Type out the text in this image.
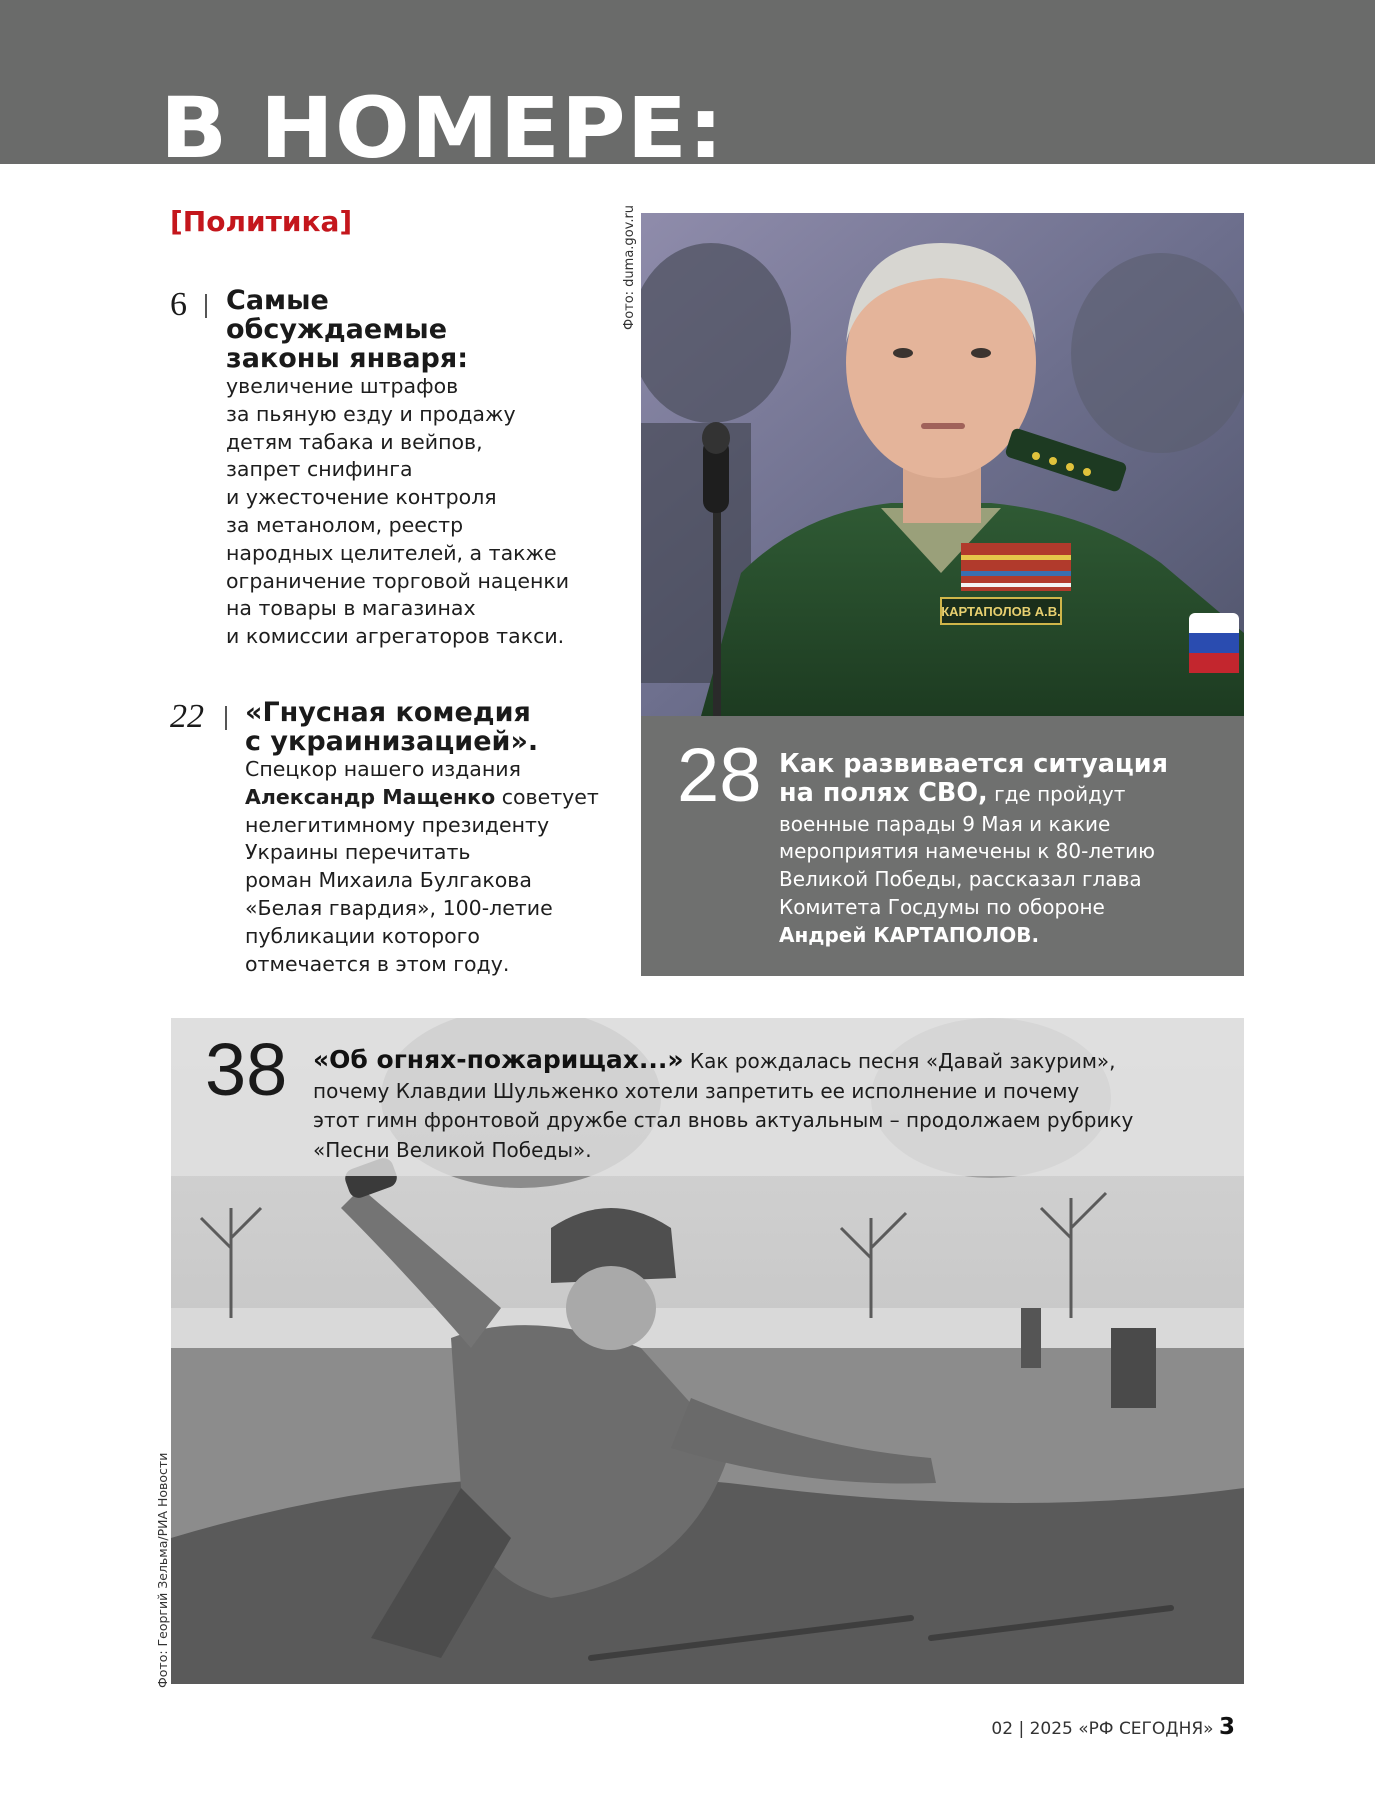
В НОМЕРЕ:
[Политика]
6 Самые
обсуждаемые
законы января:

увеличение штрафов
за пьяную езду и продажу
детям табака и вейпов,
запрет снифинга
и ужесточение контроля
за метанолом, реестр
народных целителей, а также
ограничение торговой наценки
на товары в магазинах
и комиссии агрегаторов такси.

22 «Гнусная комедия
с украинизацией».

Спецкор нашего издания
Александр Мащенко советует
нелегитимному президенту
Украины перечитать
роман Михаила Булгакова
«Белая гвардия», 100-летие
публикации которого
отмечается в этом году.

Фото: duma.gov.ru
КАРТАПОЛОВ А.В.
28 Как развивается ситуация
на полях СВО, где пройдут

военные парады 9 Мая и какие
мероприятия намечены к 80-летию
Великой Победы, рассказал глава
Комитета Госдумы по обороне
Андрей КАРТАПОЛОВ.

38 «Об огнях-пожарищах...» Как рождалась песня «Давай закурим»,
почему Клавдии Шульженко хотели запретить ее исполнение и почему
этот гимн фронтовой дружбе стал вновь актуальным – продолжаем рубрику
«Песни Великой Победы».
Фото: Георгий Зельма/РИА Новости
02 | 2025 «РФ СЕГОДНЯ» 3
